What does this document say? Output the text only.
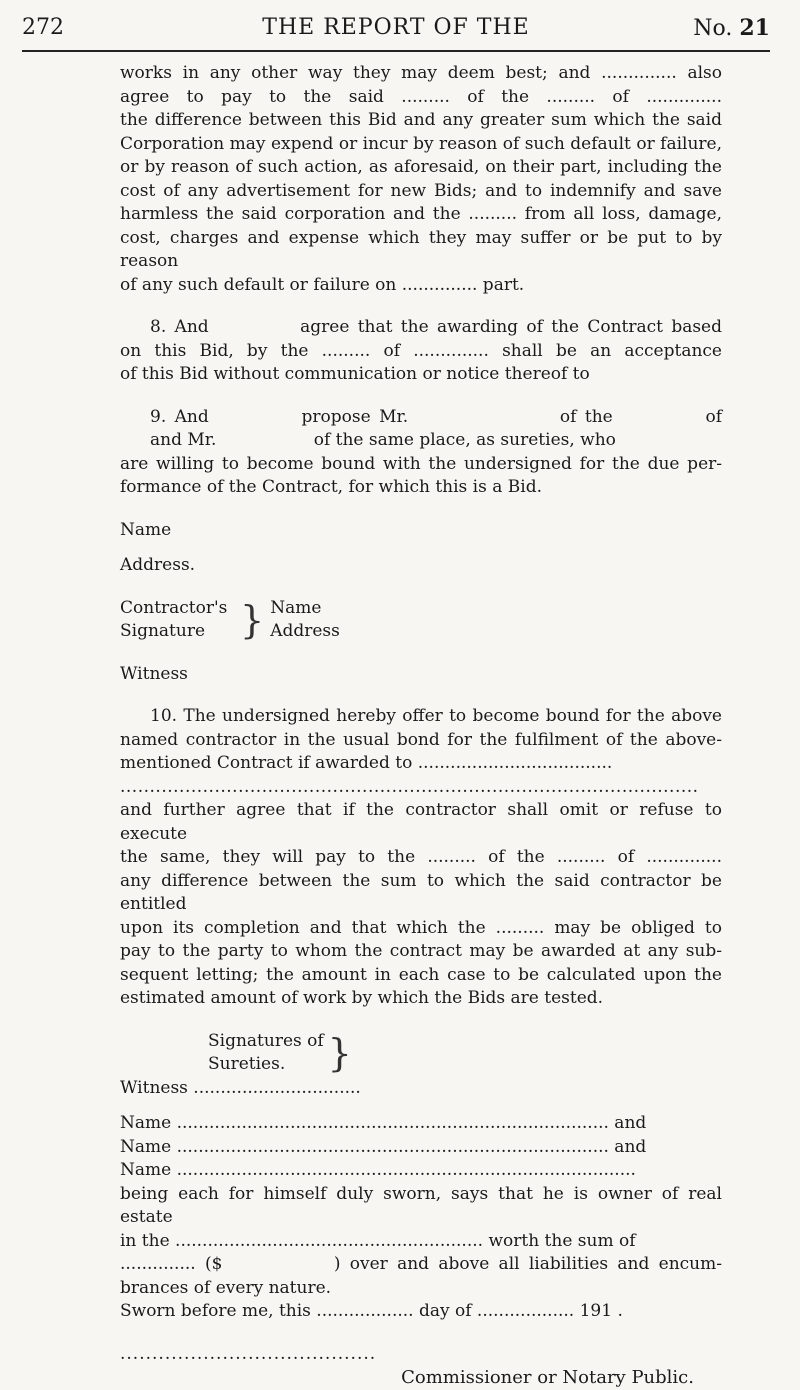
272	THE REPORT OF THE	No. 21

works in any other way they may deem best; and .............. also
agree to pay to the said ......... of the ......... of ..............
the difference between this Bid and any greater sum which the said
Corporation may expend or incur by reason of such default or failure,
or by reason of such action, as aforesaid, on their part, including the
cost of any advertisement for new Bids; and to indemnify and save
harmless the said corporation and the ......... from all loss, damage,
cost, charges and expense which they may suffer or be put to by reason
of any such default or failure on .............. part.

8. And           agree that the awarding of the Contract based
on this Bid, by the ......... of .............. shall be an acceptance
of this Bid without communication or notice thereof to

9. And           propose Mr.                  of the           of
and Mr.                  of the same place, as sureties, who
are willing to become bound with the undersigned for the due per-
formance of the Contract, for which this is a Bid.

Name

Address.

Contractor's
Signature } Name
Address

Witness

10. The undersigned hereby offer to become bound for the above
named contractor in the usual bond for the fulfilment of the above-
mentioned Contract if awarded to ....................................
..................................................................................................
and further agree that if the contractor shall omit or refuse to execute
the same, they will pay to the ......... of the ......... of ..............
any difference between the sum to which the said contractor be entitled
upon its completion and that which the ......... may be obliged to
pay to the party to whom the contract may be awarded at any sub-
sequent letting; the amount in each case to be calculated upon the
estimated amount of work by which the Bids are tested.

Signatures of
Sureties.	}

Witness ...............................

Name ................................................................................ and
Name ................................................................................ and
Name .....................................................................................
being each for himself duly sworn, says that he is owner of real estate
in the ......................................................... worth the sum of
.............. ($            ) over and above all liabilities and encum-
brances of every nature.
Sworn before me, this .................. day of .................. 191 .

........................................

Commissioner or Notary Public.
